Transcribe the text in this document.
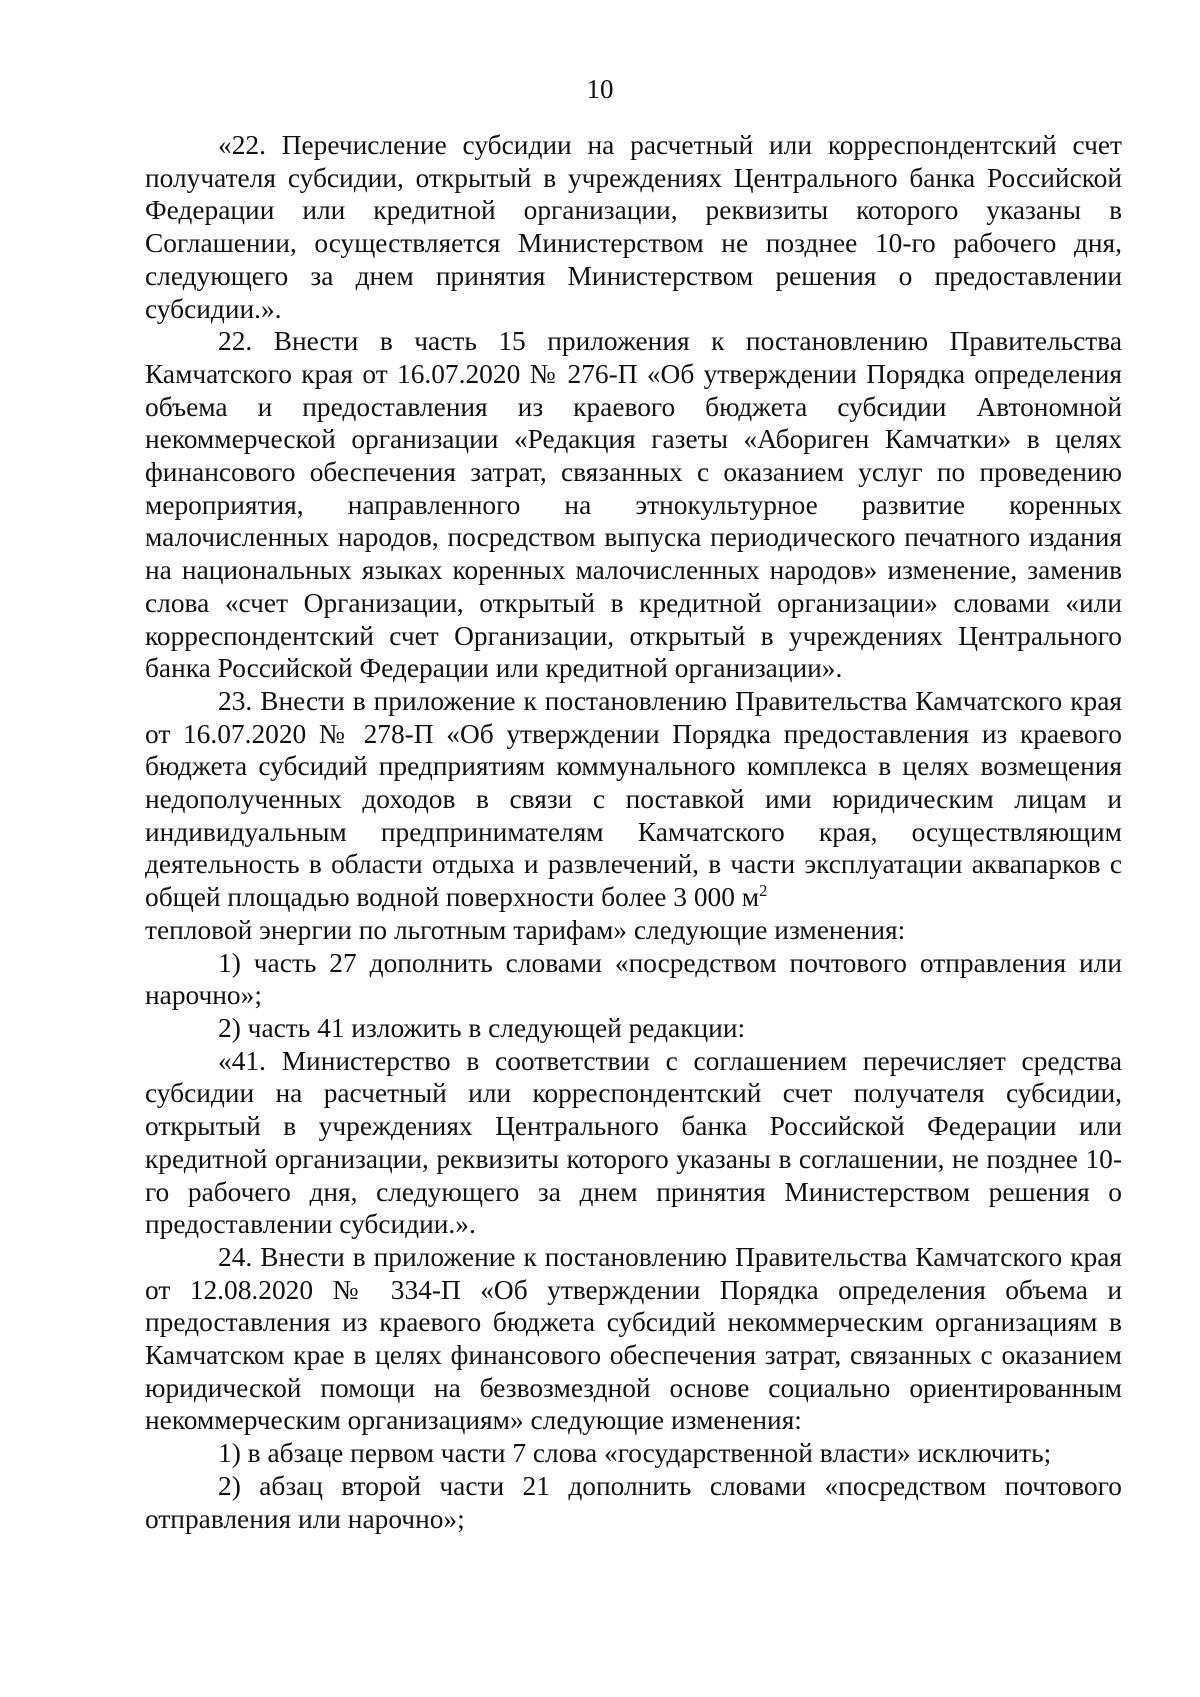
10

«22. Перечисление субсидии на расчетный или корреспондентский счет получателя субсидии, открытый в учреждениях Центрального банка Российской Федерации или кредитной организации, реквизиты которого указаны в Соглашении, осуществляется Министерством не позднее 10-го рабочего дня, следующего за днем принятия Министерством решения о предоставлении субсидии.».

22. Внести в часть 15 приложения к постановлению Правительства Камчатского края от 16.07.2020 № 276-П «Об утверждении Порядка определения объема и предоставления из краевого бюджета субсидии Автономной некоммерческой организации «Редакция газеты «Абориген Камчатки» в целях финансового обеспечения затрат, связанных с оказанием услуг по проведению мероприятия, направленного на этнокультурное развитие коренных малочисленных народов, посредством выпуска периодического печатного издания на национальных языках коренных малочисленных народов» изменение, заменив слова «счет Организации, открытый в кредитной организации» словами «или корреспондентский счет Организации, открытый в учреждениях Центрального банка Российской Федерации или кредитной организации».

23. Внести в приложение к постановлению Правительства Камчатского края от 16.07.2020 № 278-П «Об утверждении Порядка предоставления из краевого бюджета субсидий предприятиям коммунального комплекса в целях возмещения недополученных доходов в связи с поставкой ими юридическим лицам и индивидуальным предпринимателям Камчатского края, осуществляющим деятельность в области отдыха и развлечений, в части эксплуатации аквапарков с общей площадью водной поверхности более 3 000 $м^2$
тепловой энергии по льготным тарифам» следующие изменения:

1) часть 27 дополнить словами «посредством почтового отправления или нарочно»;

2) часть 41 изложить в следующей редакции:

«41. Министерство в соответствии с соглашением перечисляет средства субсидии на расчетный или корреспондентский счет получателя субсидии, открытый в учреждениях Центрального банка Российской Федерации или кредитной организации, реквизиты которого указаны в соглашении, не позднее 10-го рабочего дня, следующего за днем принятия Министерством решения о предоставлении субсидии.».

24. Внести в приложение к постановлению Правительства Камчатского края от 12.08.2020 № 334-П «Об утверждении Порядка определения объема и предоставления из краевого бюджета субсидий некоммерческим организациям в Камчатском крае в целях финансового обеспечения затрат, связанных с оказанием юридической помощи на безвозмездной основе социально ориентированным некоммерческим организациям» следующие изменения:

1) в абзаце первом части 7 слова «государственной власти» исключить;

2) абзац второй части 21 дополнить словами «посредством почтового отправления или нарочно»;
